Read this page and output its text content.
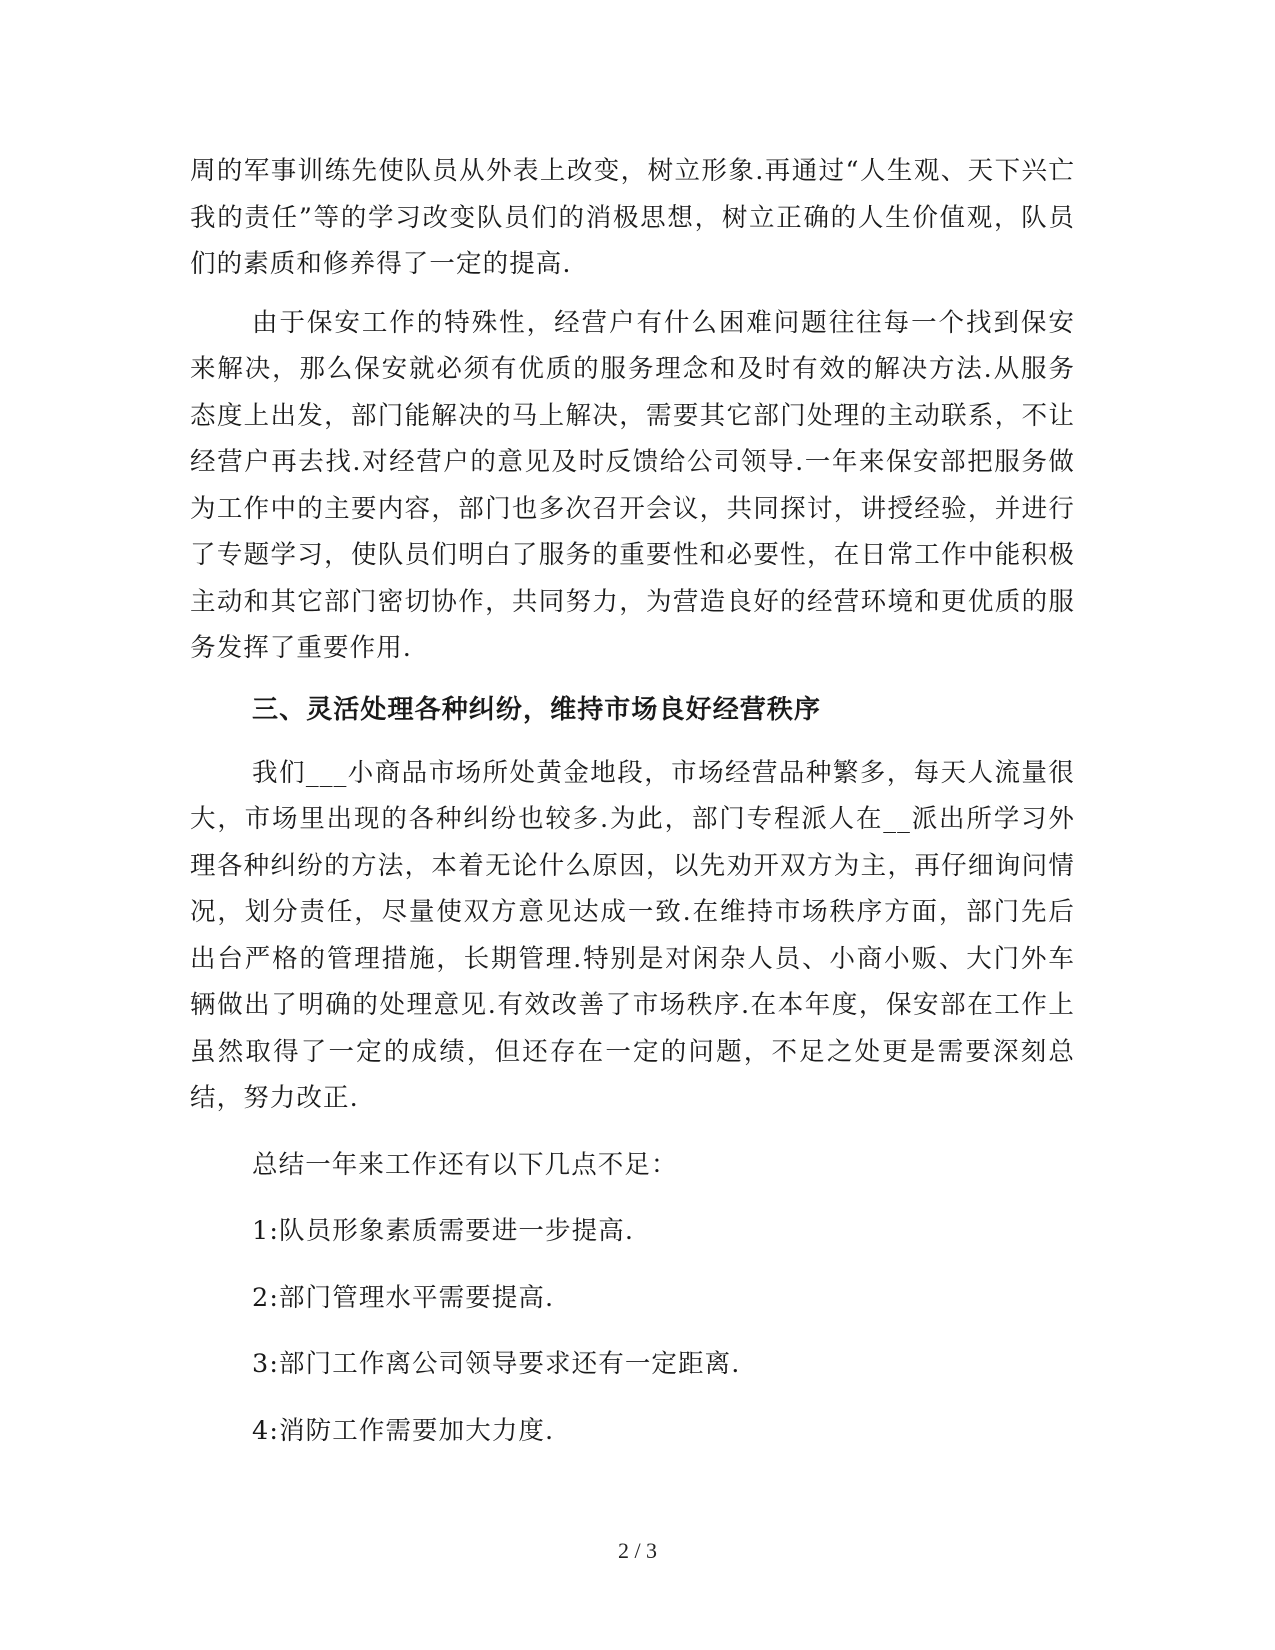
周的军事训练先使队员从外表上改变，树立形象.再通过“人生观、天下兴亡我的责任”等的学习改变队员们的消极思想，树立正确的人生价值观，队员们的素质和修养得了一定的提高.

由于保安工作的特殊性，经营户有什么困难问题往往每一个找到保安来解决，那么保安就必须有优质的服务理念和及时有效的解决方法.从服务态度上出发，部门能解决的马上解决，需要其它部门处理的主动联系，不让经营户再去找.对经营户的意见及时反馈给公司领导.一年来保安部把服务做为工作中的主要内容，部门也多次召开会议，共同探讨，讲授经验，并进行了专题学习，使队员们明白了服务的重要性和必要性，在日常工作中能积极主动和其它部门密切协作，共同努力，为营造良好的经营环境和更优质的服务发挥了重要作用.

三、灵活处理各种纠纷，维持市场良好经营秩序

我们___小商品市场所处黄金地段，市场经营品种繁多，每天人流量很大，市场里出现的各种纠纷也较多.为此，部门专程派人在__派出所学习外理各种纠纷的方法，本着无论什么原因，以先劝开双方为主，再仔细询问情况，划分责任，尽量使双方意见达成一致.在维持市场秩序方面，部门先后出台严格的管理措施，长期管理.特别是对闲杂人员、小商小贩、大门外车辆做出了明确的处理意见.有效改善了市场秩序.在本年度，保安部在工作上虽然取得了一定的成绩，但还存在一定的问题，不足之处更是需要深刻总结，努力改正.

总结一年来工作还有以下几点不足：

1:队员形象素质需要进一步提高.

2:部门管理水平需要提高.

3:部门工作离公司领导要求还有一定距离.

4:消防工作需要加大力度.

2 / 3
